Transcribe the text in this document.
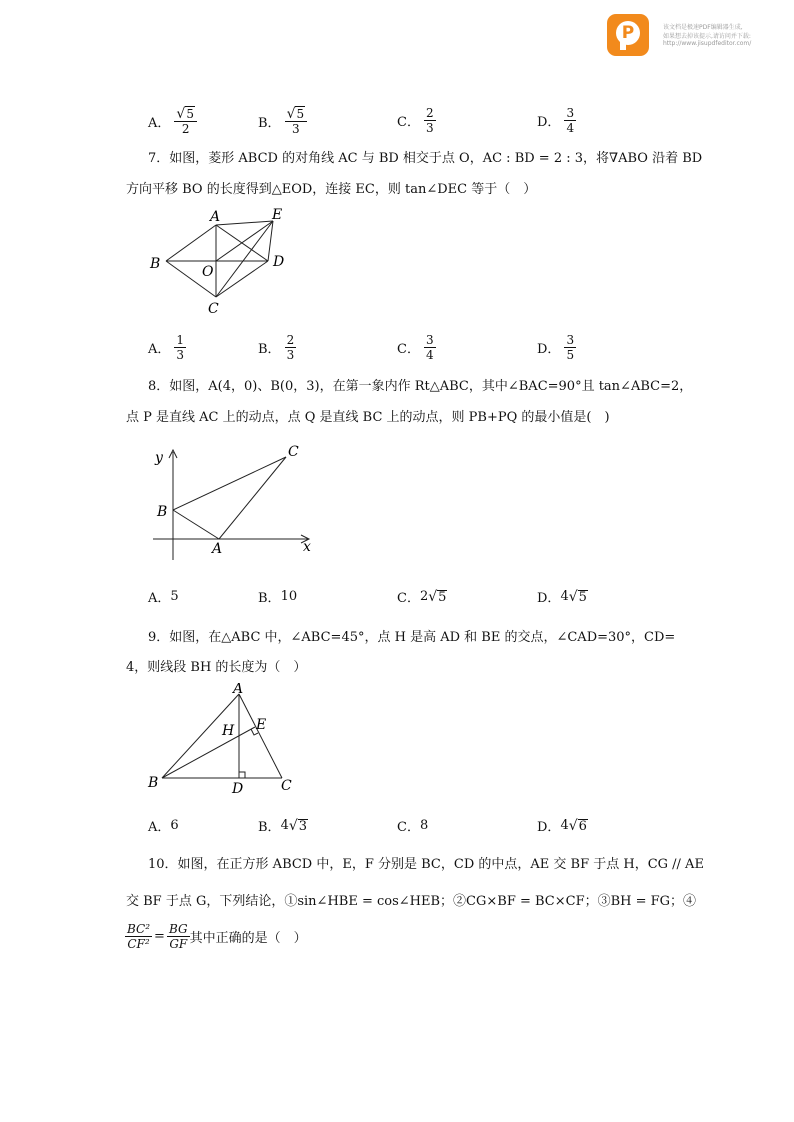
P	该文档是极速PDF编辑器生成,
如果想去掉该提示,请访问并下载:
http://www.jisupdfeditor.com/
A． $\frac{√ 5}{2}$	B． $\frac{√ 5}{3}$	C． $\frac{2}{3}$	D． $\frac{3}{4}$
7．如图，菱形 ABCD 的对角线 AC 与 BD 相交于点 O，AC : BD = 2 : 3，将∇ABO 沿着 BD
方向平移 BO 的长度得到△EOD，连接 EC，则 tan∠DEC 等于（　）
A	E
B	O
D
C
A． $\frac{1}{3}$	B． $\frac{2}{3}$	C． $\frac{3}{4}$	D． $\frac{3}{5}$
8．如图，A(4，0)、B(0，3)，在第一象内作 Rt△ABC，其中∠BAC=90°且 tan∠ABC=2，
点 P 是直线 AC 上的动点，点 Q 是直线 BC 上的动点，则 PB+PQ 的最小值是(　)
y
x
B
A
C
A． 5	B． 10	C． 2 √ 5	D． 4 √ 5
9．如图，在△ABC 中，∠ABC=45°，点 H 是高 AD 和 BE 的交点，∠CAD=30°，CD=
4，则线段 BH 的长度为（　）
A
E
H
B	D	C
A． 6	B． 4 √ 3	C． 8	D． 4 √ 6
10．如图，在正方形 ABCD 中，E，F 分别是 BC，CD 的中点，AE 交 BF 于点 H，CG // AE
交 BF 于点 G，下列结论，①sin∠HBE = cos∠HEB；②CG×BF = BC×CF；③BH = FG；④
$\frac{\text{BC²}}{\text{CF²}} = \frac{BG}{GF}$ 其中正确的是（　）
